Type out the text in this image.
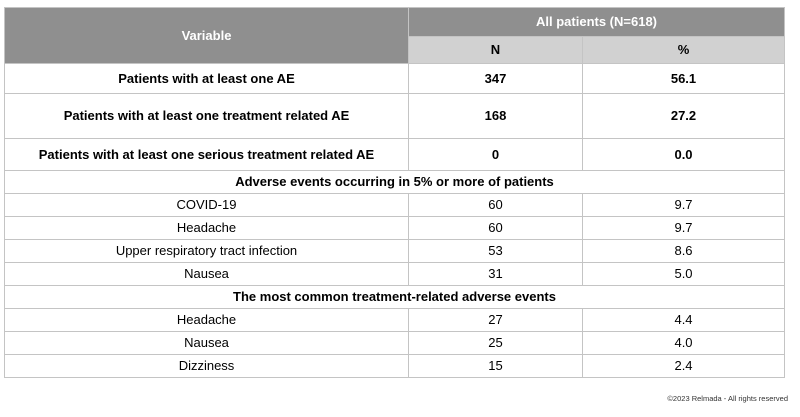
Variable	All patients (N=618)	
	N	%
Patients with at least one AE	347	56.1
Patients with at least one treatment related AE	168	27.2
Patients with at least one serious treatment related AE	0	0.0
Adverse events occurring in 5% or more of patients		
COVID-19	60	9.7
Headache	60	9.7
Upper respiratory tract infection	53	8.6
Nausea	31	5.0
The most common treatment-related adverse events		
Headache	27	4.4
Nausea	25	4.0
Dizziness	15	2.4
©2023 Relmada - All rights reserved
